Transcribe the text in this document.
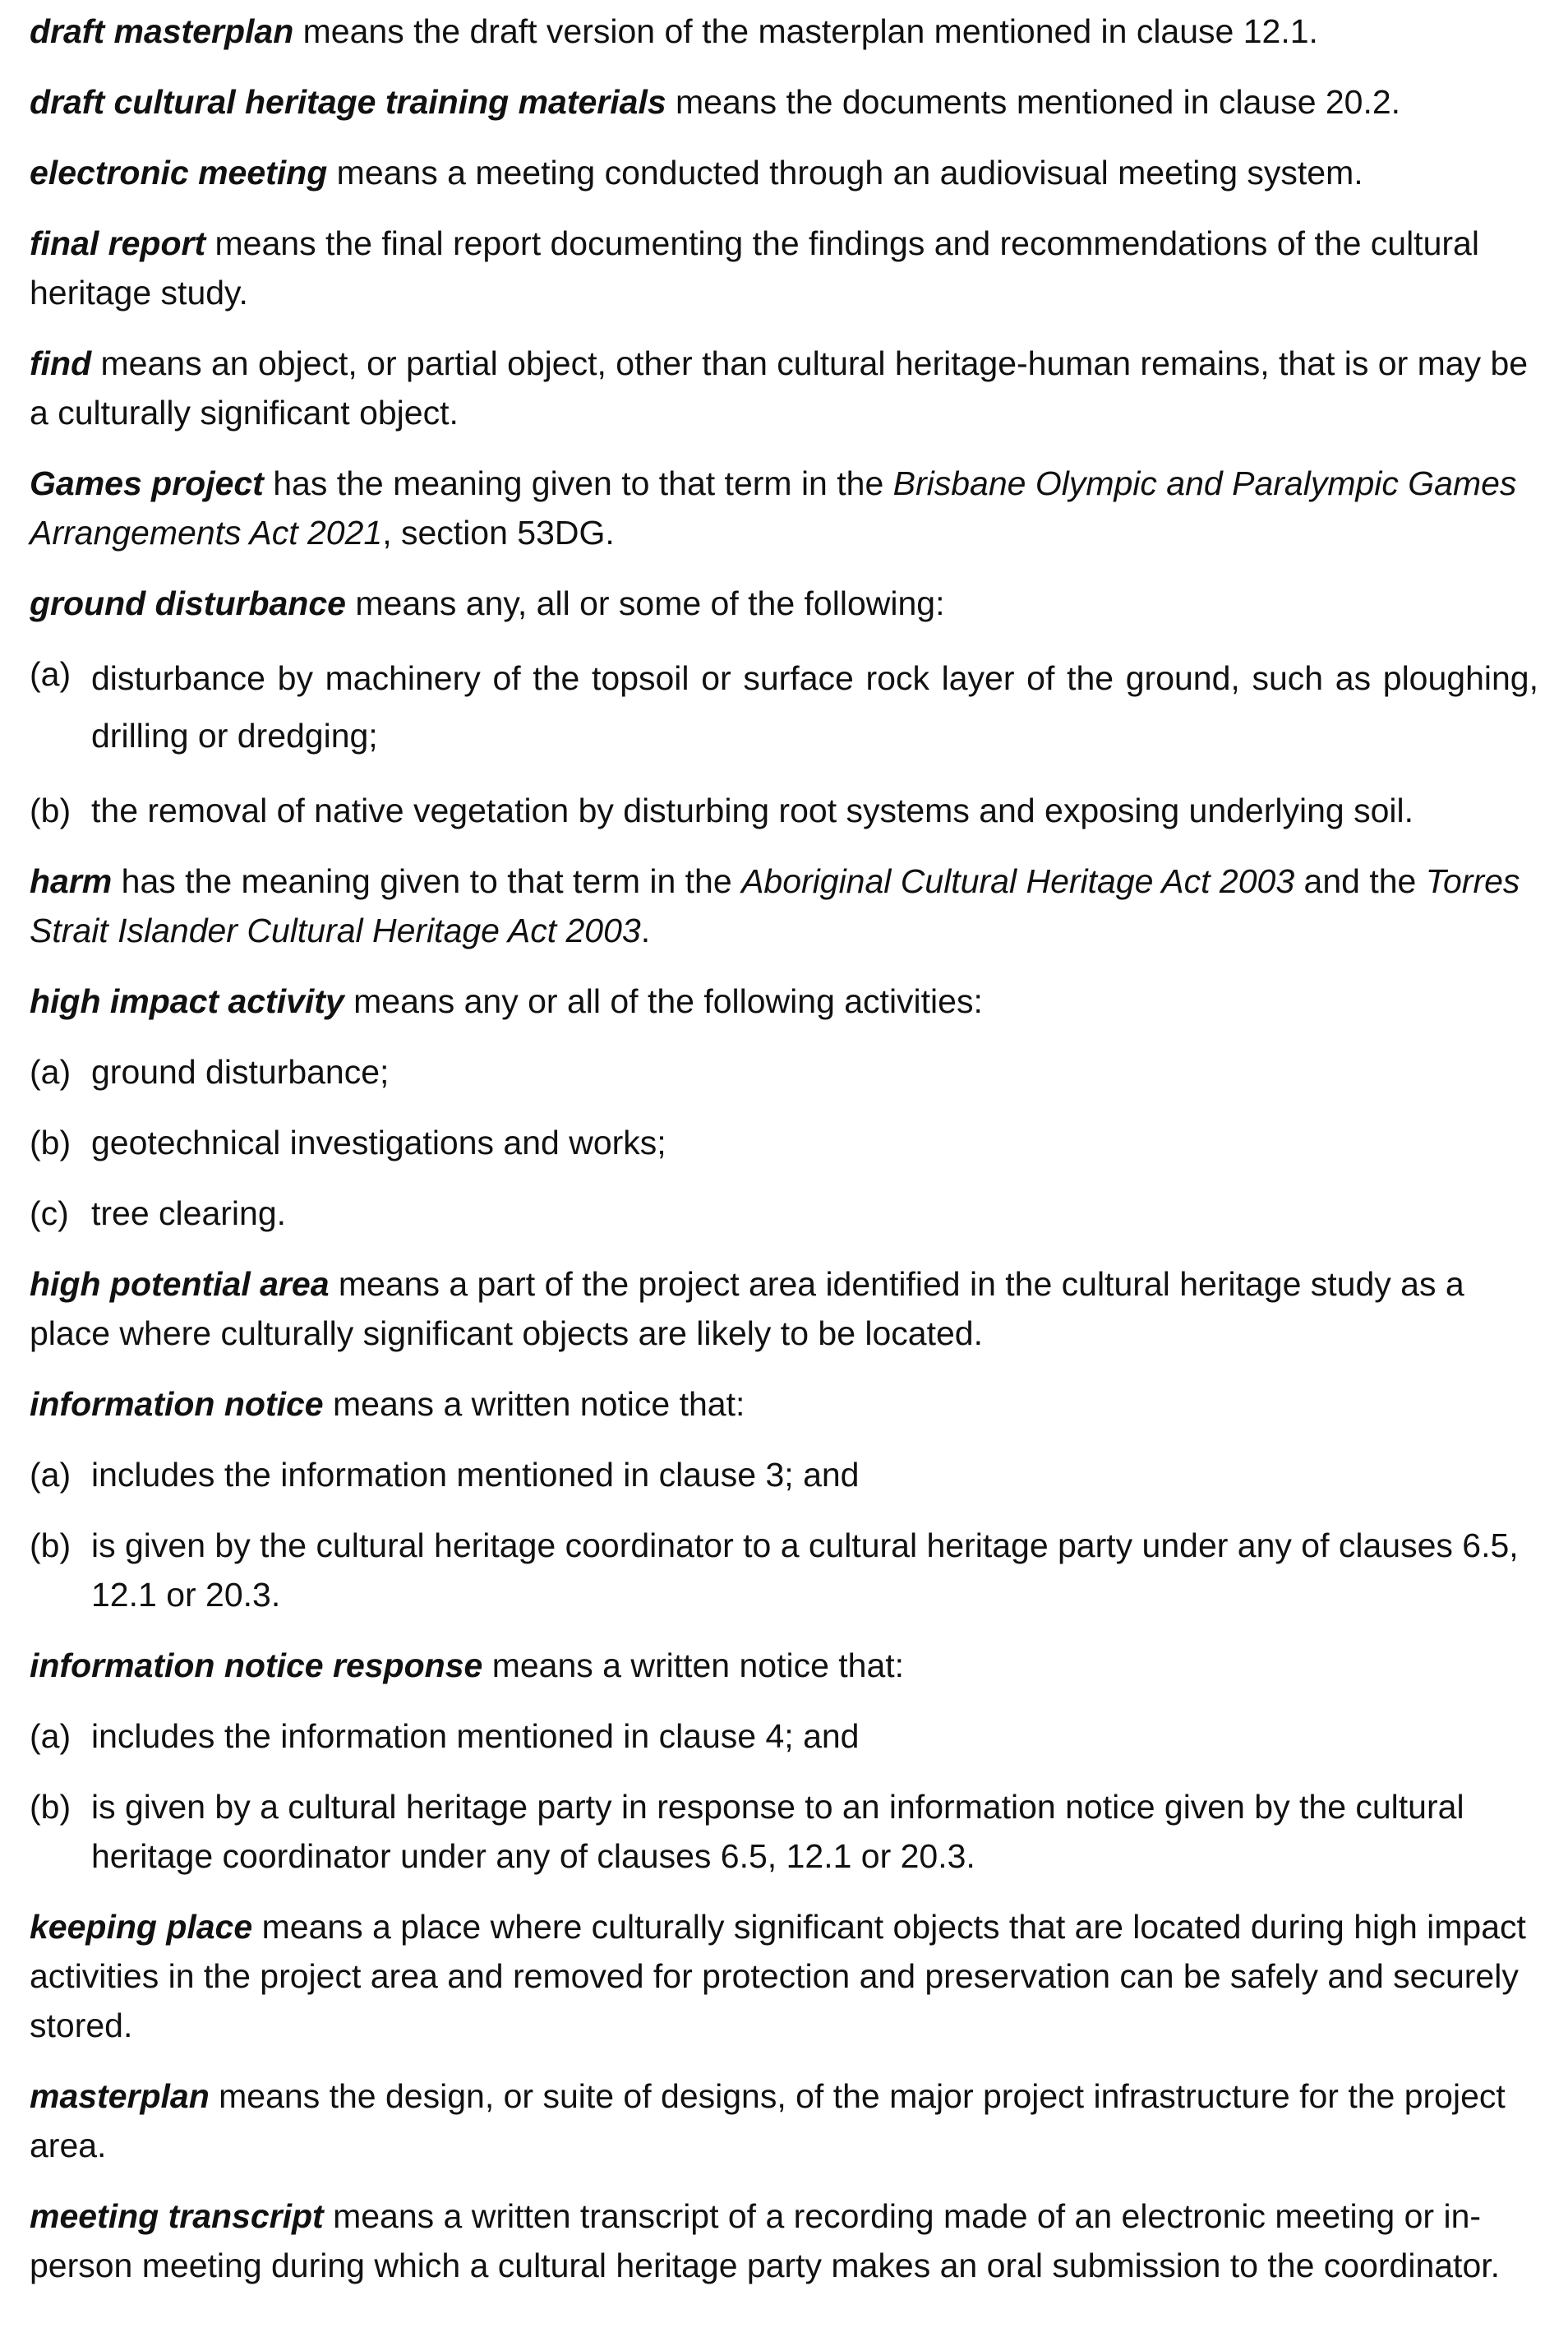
draft masterplan means the draft version of the masterplan mentioned in clause 12.1.

draft cultural heritage training materials means the documents mentioned in clause 20.2.

electronic meeting means a meeting conducted through an audiovisual meeting system.

final report means the final report documenting the findings and recommendations of the cultural heritage study.

find means an object, or partial object, other than cultural heritage-human remains, that is or may be a culturally significant object.

Games project has the meaning given to that term in the Brisbane Olympic and Paralympic Games Arrangements Act 2021, section 53DG.

ground disturbance means any, all or some of the following:

(a) disturbance by machinery of the topsoil or surface rock layer of the ground, such as ploughing, drilling or dredging;
(b) the removal of native vegetation by disturbing root systems and exposing underlying soil.

harm has the meaning given to that term in the Aboriginal Cultural Heritage Act 2003 and the Torres Strait Islander Cultural Heritage Act 2003.

high impact activity means any or all of the following activities:

(a) ground disturbance;
(b) geotechnical investigations and works;
(c) tree clearing.

high potential area means a part of the project area identified in the cultural heritage study as a place where culturally significant objects are likely to be located.

information notice means a written notice that:

(a) includes the information mentioned in clause 3; and
(b) is given by the cultural heritage coordinator to a cultural heritage party under any of clauses 6.5, 12.1 or 20.3.

information notice response means a written notice that:

(a) includes the information mentioned in clause 4; and
(b) is given by a cultural heritage party in response to an information notice given by the cultural heritage coordinator under any of clauses 6.5, 12.1 or 20.3.

keeping place means a place where culturally significant objects that are located during high impact activities in the project area and removed for protection and preservation can be safely and securely stored.

masterplan means the design, or suite of designs, of the major project infrastructure for the project area.

meeting transcript means a written transcript of a recording made of an electronic meeting or in-person meeting during which a cultural heritage party makes an oral submission to the coordinator.
